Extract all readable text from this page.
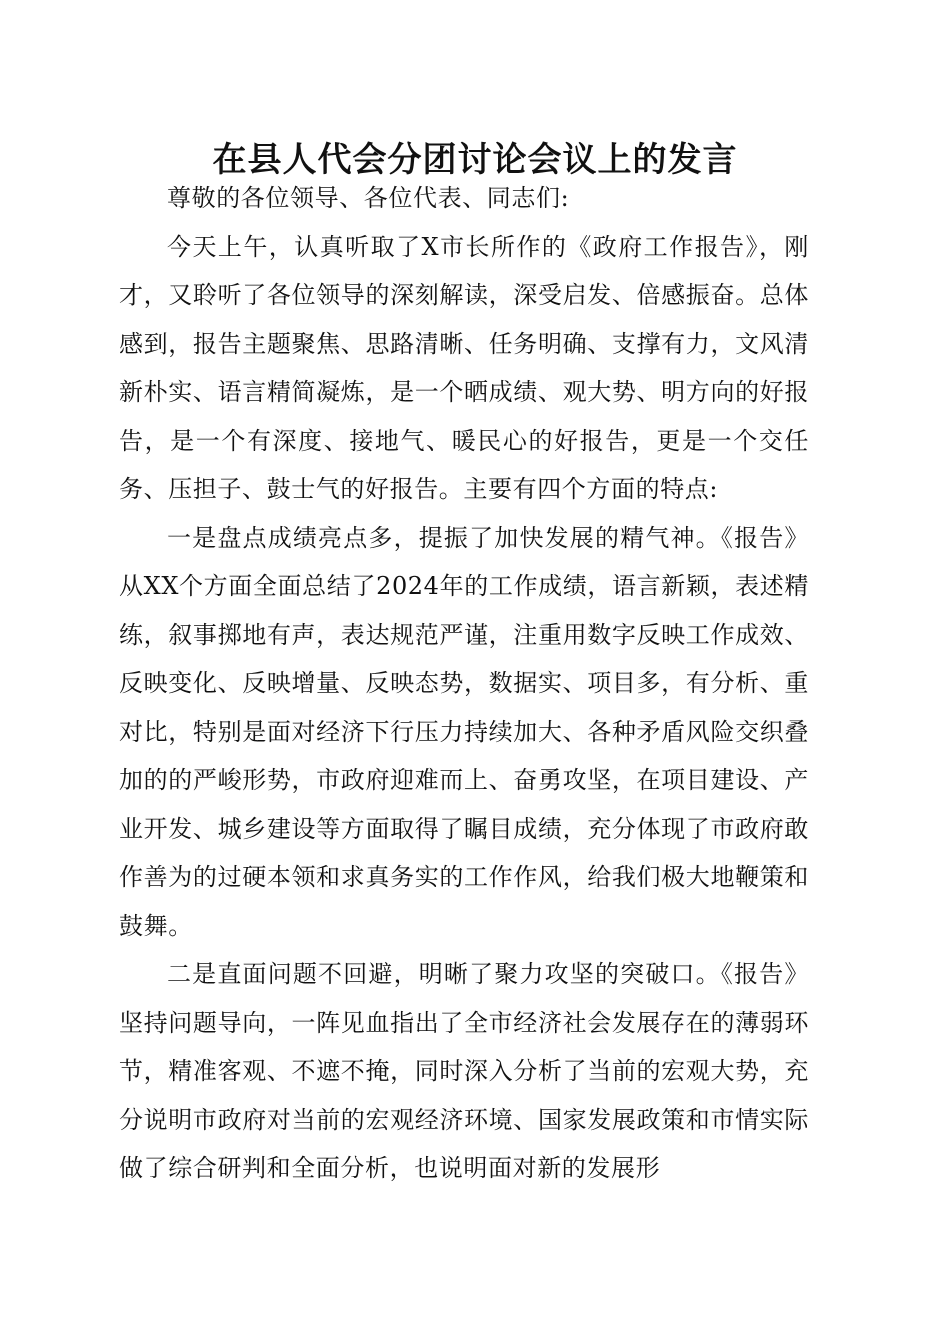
在县人代会分团讨论会议上的发言

尊敬的各位领导、各位代表、同志们:

今天上午，认真听取了X市长所作的《政府工作报告》，刚才，又聆听了各位领导的深刻解读，深受启发、倍感振奋。总体感到，报告主题聚焦、思路清晰、任务明确、支撑有力，文风清新朴实、语言精简凝炼，是一个晒成绩、观大势、明方向的好报告，是一个有深度、接地气、暖民心的好报告，更是一个交任务、压担子、鼓士气的好报告。主要有四个方面的特点:

一是盘点成绩亮点多，提振了加快发展的精气神。《报告》从XX个方面全面总结了2024年的工作成绩，语言新颖，表述精练，叙事掷地有声，表达规范严谨，注重用数字反映工作成效、反映变化、反映增量、反映态势，数据实、项目多，有分析、重对比，特别是面对经济下行压力持续加大、各种矛盾风险交织叠加的的严峻形势，市政府迎难而上、奋勇攻坚，在项目建设、产业开发、城乡建设等方面取得了瞩目成绩，充分体现了市政府敢作善为的过硬本领和求真务实的工作作风，给我们极大地鞭策和鼓舞。

二是直面问题不回避，明晰了聚力攻坚的突破口。《报告》坚持问题导向，一阵见血指出了全市经济社会发展存在的薄弱环节，精准客观、不遮不掩，同时深入分析了当前的宏观大势，充分说明市政府对当前的宏观经济环境、国家发展政策和市情实际做了综合研判和全面分析，也说明面对新的发展形
